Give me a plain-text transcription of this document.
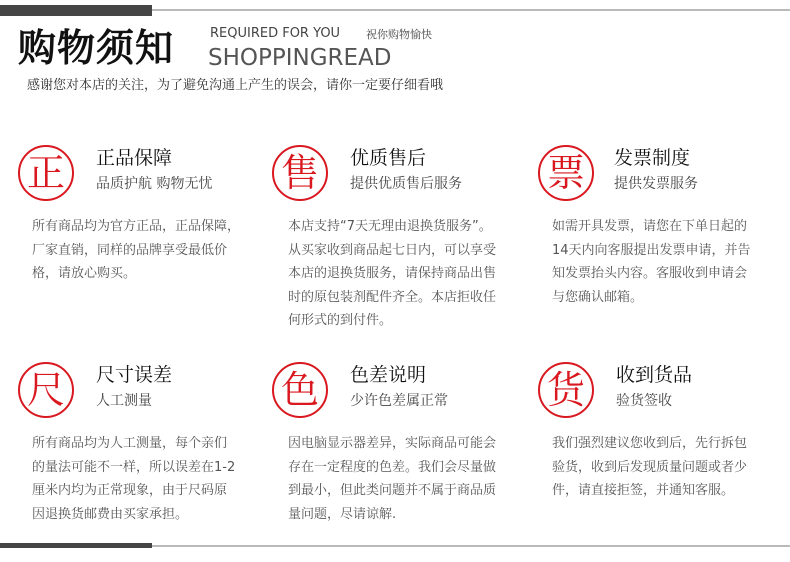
购物须知	REQUIRED FOR YOU 祝你购物愉快
SHOPPINGREAD
感谢您对本店的关注，为了避免沟通上产生的误会，请你一定要仔细看哦
正	正品保障
品质护航 购物无忧
所有商品均为官方正品，正品保障，
厂家直销，同样的品牌享受最低价
格，请放心购买。
售	优质售后
提供优质售后服务
本店支持“7天无理由退换货服务”。
从买家收到商品起七日内，可以享受
本店的退换货服务，请保持商品出售
时的原包装剂配件齐全。本店拒收任
何形式的到付件。
票	发票制度
提供发票服务
如需开具发票，请您在下单日起的
14天内向客服提出发票申请，并告
知发票抬头内容。客服收到申请会
与您确认邮箱。
尺	尺寸误差
人工测量
所有商品均为人工测量，每个亲们
的量法可能不一样，所以误差在1-2
厘米内均为正常现象，由于尺码原
因退换货邮费由买家承担。
色	色差说明
少许色差属正常
因电脑显示器差异，实际商品可能会
存在一定程度的色差。我们会尽量做
到最小，但此类问题并不属于商品质
量问题，尽请谅解.
货	收到货品
验货签收
我们强烈建议您收到后，先行拆包
验货，收到后发现质量问题或者少
件，请直接拒签，并通知客服。
